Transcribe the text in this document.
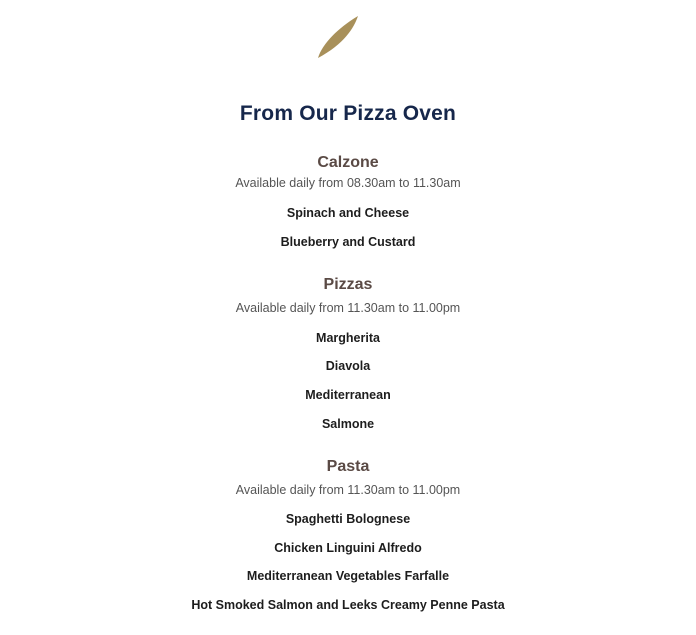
From Our Pizza Oven
Calzone
Available daily from 08.30am to 11.30am
Spinach and Cheese
Blueberry and Custard
Pizzas
Available daily from 11.30am to 11.00pm
Margherita
Diavola
Mediterranean
Salmone
Pasta
Available daily from 11.30am to 11.00pm
Spaghetti Bolognese
Chicken Linguini Alfredo
Mediterranean Vegetables Farfalle
Hot Smoked Salmon and Leeks Creamy Penne Pasta
